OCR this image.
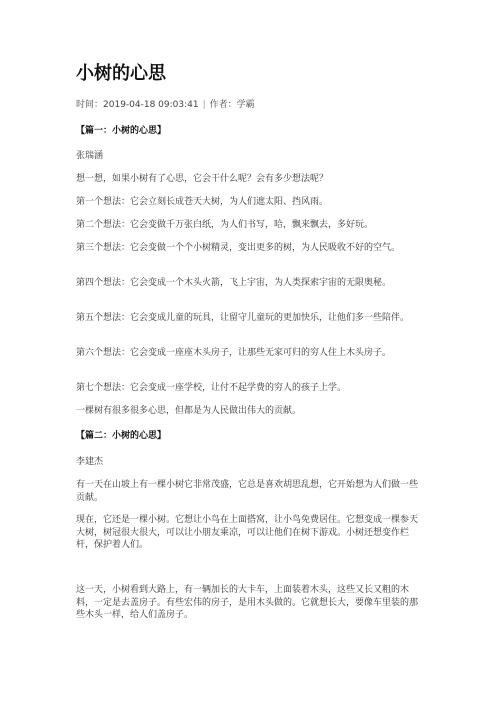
小树的心思
时间：2019-04-18 09:03:41 | 作者：学霸
【篇一：小树的心思】
张瑞涵
想一想，如果小树有了心思，它会干什么呢？会有多少想法呢？
第一个想法：它会立刻长成苍天大树，为人们遮太阳、挡风雨。
第二个想法：它会变做千万张白纸，为人们书写，哈，飘来飘去，多好玩。
第三个想法：它会变做一个个小树精灵，变出更多的树，为人民吸收不好的空气。
第四个想法：它会变成一个木头火箭，飞上宇宙，为人类探索宇宙的无限奥秘。
第五个想法：它会变成儿童的玩具，让留守儿童玩的更加快乐，让他们多一些陪伴。
第六个想法：它会变成一座座木头房子，让那些无家可归的穷人住上木头房子。
第七个想法：它会变成一座学校，让付不起学费的穷人的孩子上学。
一棵树有很多很多心思，但都是为人民做出伟大的贡献。
【篇二：小树的心思】
李建杰
有一天在山坡上有一棵小树它非常茂盛，它总是喜欢胡思乱想，它开始想为人们做一些贡献。
现在，它还是一棵小树。它想让小鸟在上面搭窝，让小鸟免费居住。它想变成一棵参天大树，树冠很大很大，可以让小朋友乘凉，可以让他们在树下游戏。小树还想变作栏杆，保护着人们。
这一天，小树看到大路上，有一辆加长的大卡车，上面装着木头，这些又长又粗的木料，一定是去盖房子。有些宏伟的房子，是用木头做的。它就想长大，要像车里装的那些木头一样，给人们盖房子。
